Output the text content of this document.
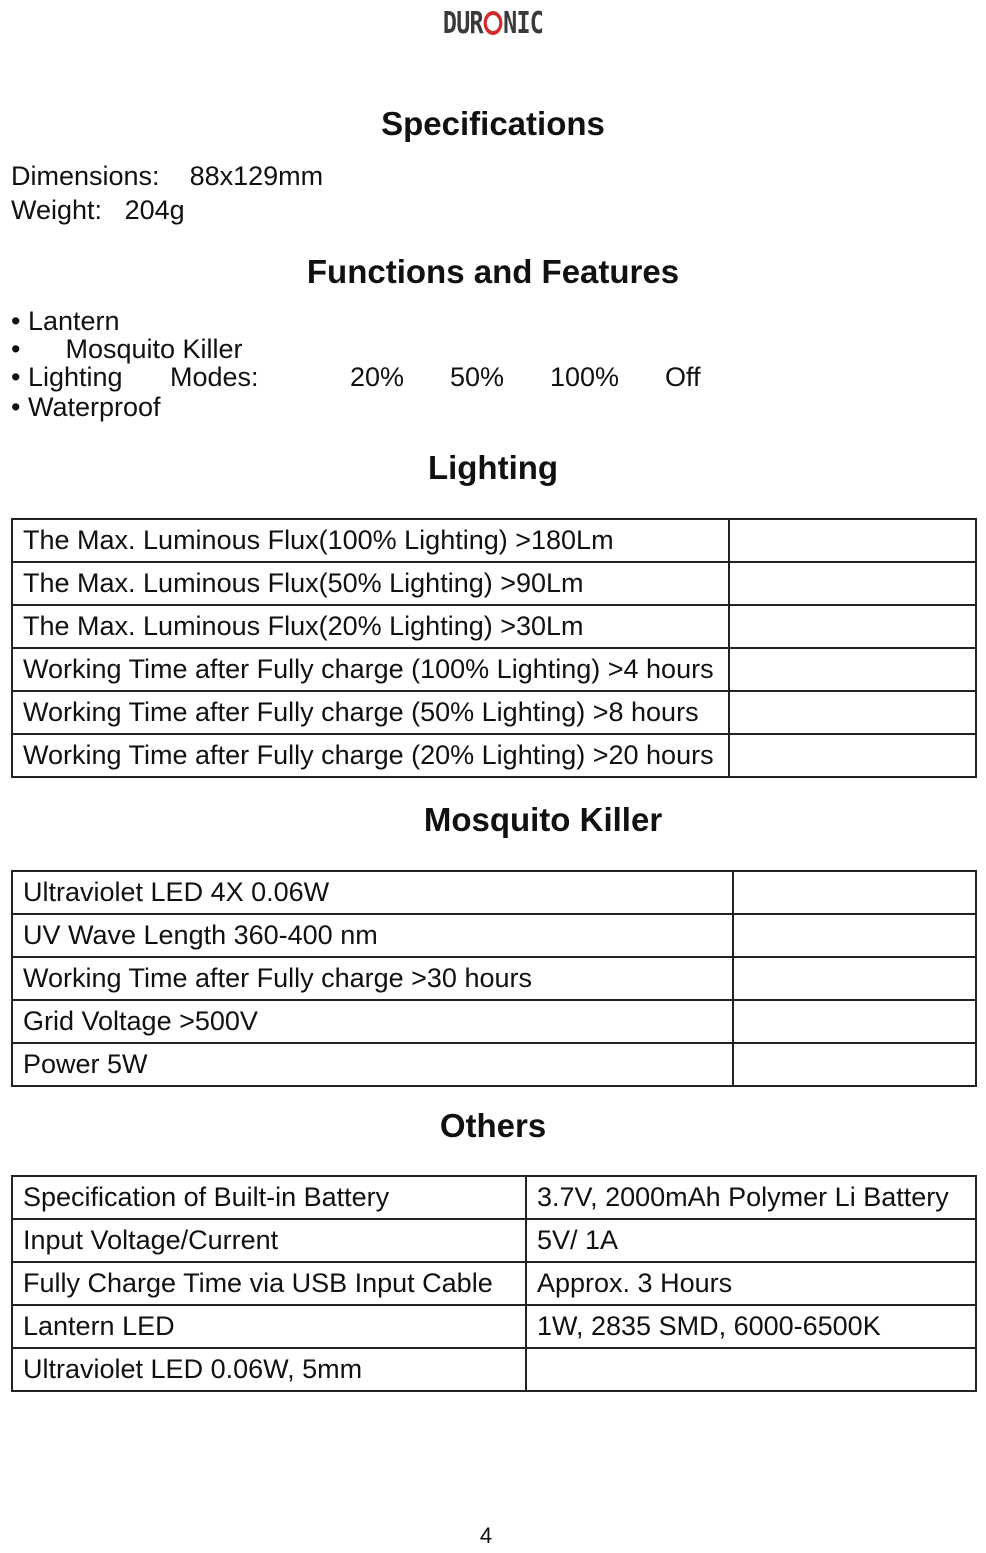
DUR NIC
Specifications
Dimensions: 88x129mm
Weight: 204g
Functions and Features
• Lantern
•      Mosquito Killer
• Lighting Modes:	20% 50% 100% Off
• Waterproof
Lighting
The Max. Luminous Flux(100% Lighting) >180Lm	
The Max. Luminous Flux(50% Lighting) >90Lm	
The Max. Luminous Flux(20% Lighting) >30Lm	
Working Time after Fully charge (100% Lighting) >4 hours	
Working Time after Fully charge (50% Lighting) >8 hours	
Working Time after Fully charge (20% Lighting) >20 hours	
Mosquito Killer
Ultraviolet LED 4X 0.06W	
UV Wave Length 360-400 nm	
Working Time after Fully charge >30 hours	
Grid Voltage >500V	
Power 5W	
Others
Specification of Built-in Battery	3.7V, 2000mAh Polymer Li Battery
Input Voltage/Current	5V/ 1A
Fully Charge Time via USB Input Cable	Approx. 3 Hours
Lantern LED	1W, 2835 SMD, 6000-6500K
Ultraviolet LED 0.06W, 5mm	
4
